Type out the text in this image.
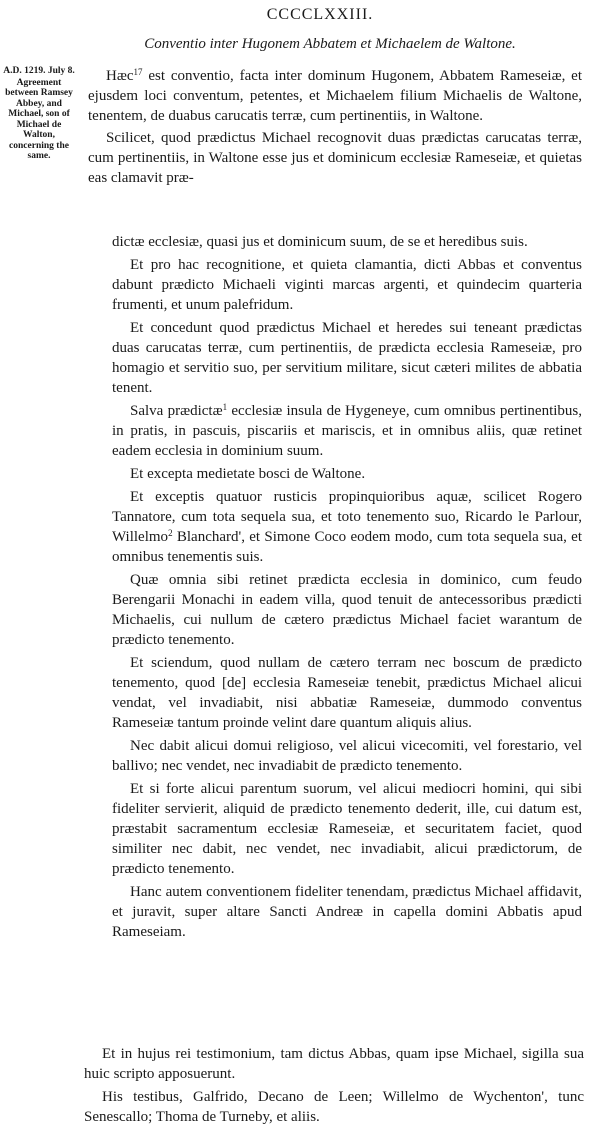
CCCCLXXIII.
Conventio inter Hugonem Abbatem et Michaelem de Waltone.
A.D. 1219. July 8.
Agreement between Ramsey Abbey, and Michael, son of Michael de Walton, concerning the same.

Hæc$^{17}$ est conventio, facta inter dominum Hugonem, Abbatem Rameseiæ, et ejusdem loci conventum, petentes, et Michaelem filium Michaelis de Waltone, tenentem, de duabus carucatis terræ, cum pertinentiis, in Waltone.

Scilicet, quod prædictus Michael recognovit duas prædictas carucatas terræ, cum pertinentiis, in Waltone esse jus et dominicum ecclesiæ Rameseiæ, et quietas eas clamavit præ-

dictæ ecclesiæ, quasi jus et dominicum suum, de se et heredibus suis.

Et pro hac recognitione, et quieta clamantia, dicti Abbas et conventus dabunt prædicto Michaeli viginti marcas argenti, et quindecim quarteria frumenti, et unum palefridum.

Et concedunt quod prædictus Michael et heredes sui teneant prædictas duas carucatas terræ, cum pertinentiis, de prædicta ecclesia Rameseiæ, pro homagio et servitio suo, per servitium militare, sicut cæteri milites de abbatia tenent.

Salva prædictæ$^1$ ecclesiæ insula de Hygeneye, cum omnibus pertinentibus, in pratis, in pascuis, piscariis et mariscis, et in omnibus aliis, quæ retinet eadem ecclesia in dominium suum.

Et excepta medietate bosci de Waltone.

Et exceptis quatuor rusticis propinquioribus aquæ, scilicet Rogero Tannatore, cum tota sequela sua, et toto tenemento suo, Ricardo le Parlour, Willelmo$^2$ Blanchard', et Simone Coco eodem modo, cum tota sequela sua, et omnibus tenementis suis.

Quæ omnia sibi retinet prædicta ecclesia in dominico, cum feudo Berengarii Monachi in eadem villa, quod tenuit de antecessoribus prædicti Michaelis, cui nullum de cætero prædictus Michael faciet warantum de prædicto tenemento.

Et sciendum, quod nullam de cætero terram nec boscum de prædicto tenemento, quod [de] ecclesia Rameseiæ tenebit, prædictus Michael alicui vendat, vel invadiabit, nisi abbatiæ Rameseiæ, dummodo conventus Rameseiæ tantum proinde velint dare quantum aliquis alius.

Nec dabit alicui domui religioso, vel alicui vicecomiti, vel forestario, vel ballivo; nec vendet, nec invadiabit de prædicto tenemento.

Et si forte alicui parentum suorum, vel alicui mediocri homini, qui sibi fideliter servierit, aliquid de prædicto tenemento dederit, ille, cui datum est, præstabit sacramentum ecclesiæ Rameseiæ, et securitatem faciet, quod similiter nec dabit, nec vendet, nec invadiabit, alicui prædictorum, de prædicto tenemento.

Hanc autem conventionem fideliter tenendam, prædictus Michael affidavit, et juravit, super altare Sancti Andreæ in capella domini Abbatis apud Rameseiam.

Et in hujus rei testimonium, tam dictus Abbas, quam ipse Michael, sigilla sua huic scripto apposuerunt.

His testibus, Galfrido, Decano de Leen; Willelmo de Wychenton', tunc Senescallo; Thoma de Turneby, et aliis.
